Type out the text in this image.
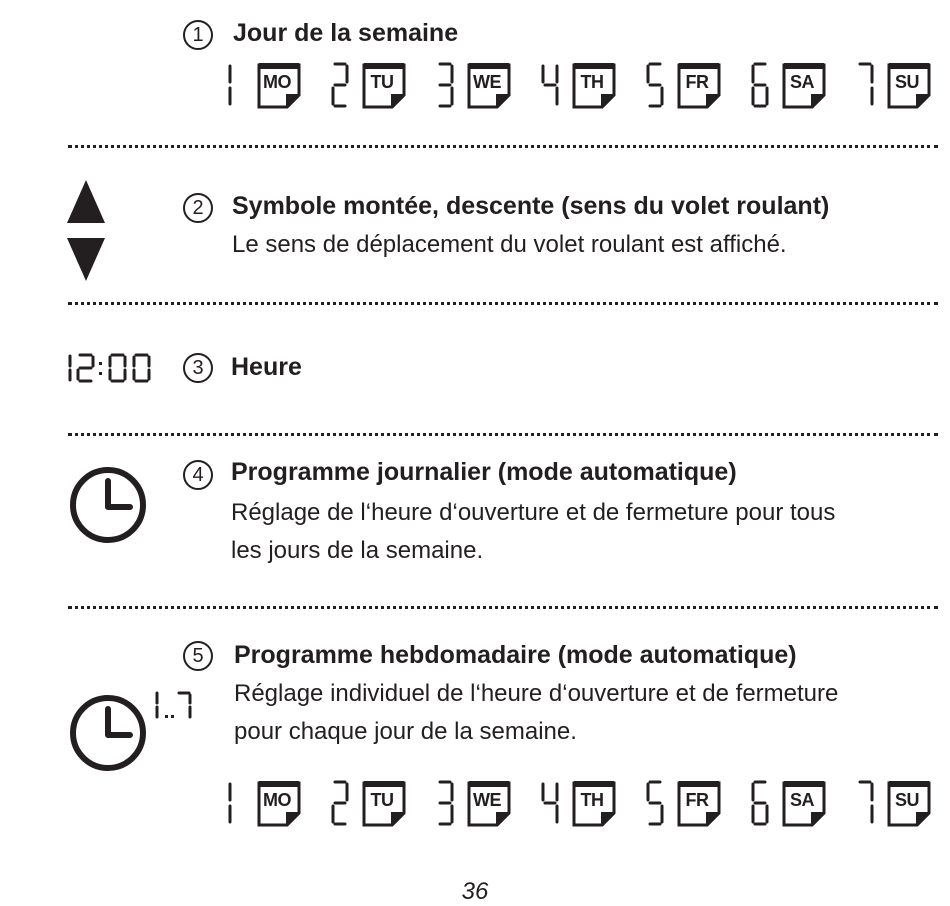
1	Jour de la semaine
MO	TU	WE	TH	FR	SA	SU
2	Symbole montée, descente (sens du volet roulant)
Le sens de déplacement du volet roulant est affiché.
3	Heure
4	Programme journalier (mode automatique)
Réglage de l‘heure d‘ouverture et de fermeture pour tous
les jours de la semaine.
5	Programme hebdomadaire (mode automatique)
Réglage individuel de l‘heure d‘ouverture et de fermeture
pour chaque jour de la semaine.
MO	TU	WE	TH	FR	SA	SU
36
